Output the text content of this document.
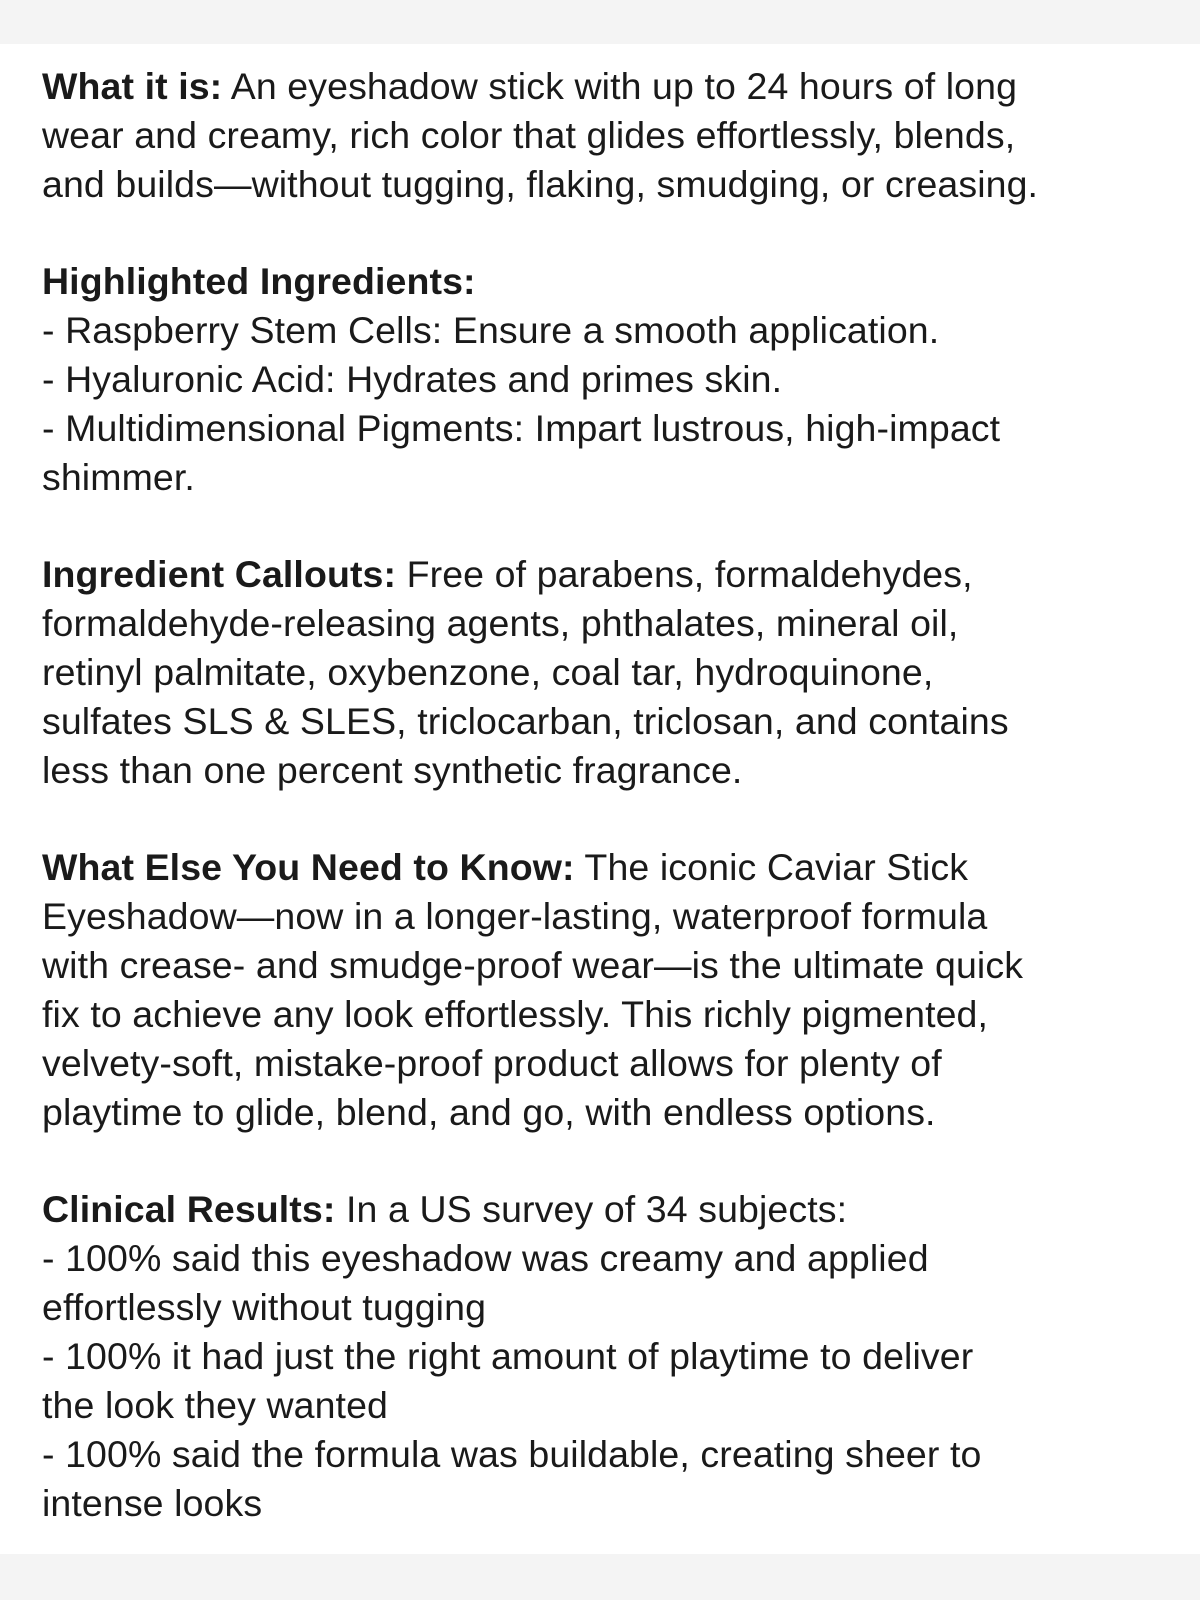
What it is: An eyeshadow stick with up to 24 hours of long
wear and creamy, rich color that glides effortlessly, blends,
and builds—without tugging, flaking, smudging, or creasing.
Highlighted Ingredients:
- Raspberry Stem Cells: Ensure a smooth application.
- Hyaluronic Acid: Hydrates and primes skin.
- Multidimensional Pigments: Impart lustrous, high-impact
shimmer.
Ingredient Callouts: Free of parabens, formaldehydes,
formaldehyde-releasing agents, phthalates, mineral oil,
retinyl palmitate, oxybenzone, coal tar, hydroquinone,
sulfates SLS & SLES, triclocarban, triclosan, and contains
less than one percent synthetic fragrance.
What Else You Need to Know: The iconic Caviar Stick
Eyeshadow—now in a longer-lasting, waterproof formula
with crease- and smudge-proof wear—is the ultimate quick
fix to achieve any look effortlessly. This richly pigmented,
velvety-soft, mistake-proof product allows for plenty of
playtime to glide, blend, and go, with endless options.
Clinical Results: In a US survey of 34 subjects:
- 100% said this eyeshadow was creamy and applied
effortlessly without tugging
- 100% it had just the right amount of playtime to deliver
the look they wanted
- 100% said the formula was buildable, creating sheer to
intense looks
